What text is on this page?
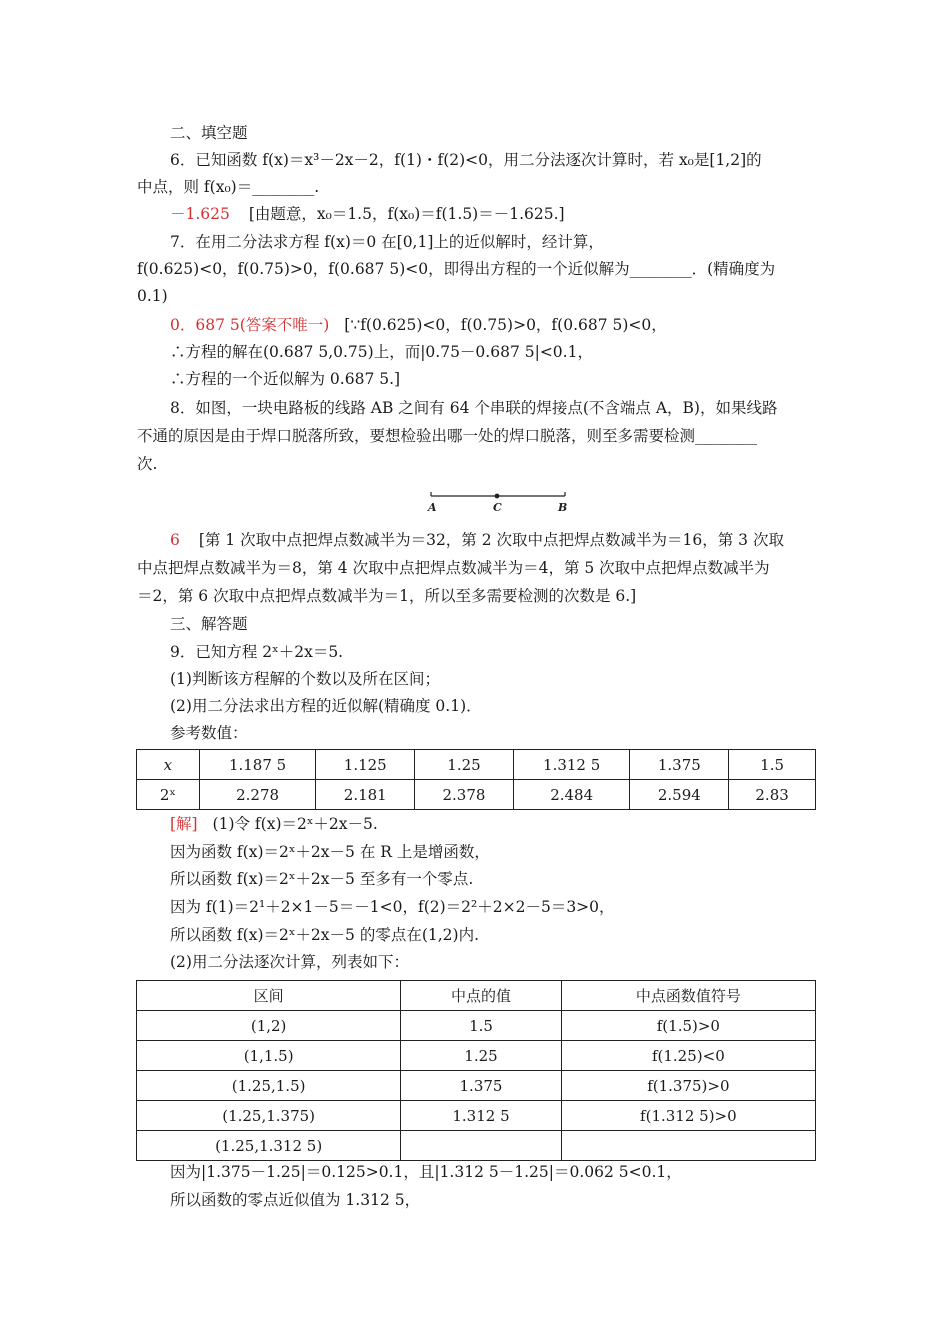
二、填空题
6．已知函数 f(x)＝x³－2x－2，f(1)・f(2)<0，用二分法逐次计算时，若 x₀是[1,2]的
中点，则 f(x₀)＝________.
－1.625 [由题意，x₀＝1.5，f(x₀)＝f(1.5)＝－1.625.]
7．在用二分法求方程 f(x)＝0 在[0,1]上的近似解时，经计算，
f(0.625)<0，f(0.75)>0，f(0.687 5)<0，即得出方程的一个近似解为________．(精确度为
0.1)
0．687 5(答案不唯一) [∵f(0.625)<0，f(0.75)>0，f(0.687 5)<0，
∴方程的解在(0.687 5,0.75)上，而|0.75－0.687 5|<0.1，
∴方程的一个近似解为 0.687 5.]
8．如图，一块电路板的线路 AB 之间有 64 个串联的焊接点(不含端点 A，B)，如果线路
不通的原因是由于焊口脱落所致，要想检验出哪一处的焊口脱落，则至多需要检测________
次.
A	C	B
6 [第 1 次取中点把焊点数减半为＝32，第 2 次取中点把焊点数减半为＝16，第 3 次取
中点把焊点数减半为＝8，第 4 次取中点把焊点数减半为＝4，第 5 次取中点把焊点数减半为
＝2，第 6 次取中点把焊点数减半为＝1，所以至多需要检测的次数是 6.]
三、解答题
9．已知方程 2ˣ＋2x＝5.
(1)判断该方程解的个数以及所在区间；
(2)用二分法求出方程的近似解(精确度 0.1)．
参考数值：
x	1.187 5	1.125	1.25	1.312 5	1.375	1.5
2ˣ	2.278	2.181	2.378	2.484	2.594	2.83
[解] (1)令 f(x)＝2ˣ＋2x－5.
因为函数 f(x)＝2ˣ＋2x－5 在 R 上是增函数，
所以函数 f(x)＝2ˣ＋2x－5 至多有一个零点.
因为 f(1)＝2¹＋2×1－5＝－1<0，f(2)＝2²＋2×2－5＝3>0，
所以函数 f(x)＝2ˣ＋2x－5 的零点在(1,2)内.
(2)用二分法逐次计算，列表如下：
区间	中点的值	中点函数值符号
(1,2)	1.5	f(1.5)>0
(1,1.5)	1.25	f(1.25)<0
(1.25,1.5)	1.375	f(1.375)>0
(1.25,1.375)	1.312 5	f(1.312 5)>0
(1.25,1.312 5)		
因为|1.375－1.25|＝0.125>0.1，且|1.312 5－1.25|＝0.062 5<0.1，
所以函数的零点近似值为 1.312 5，
